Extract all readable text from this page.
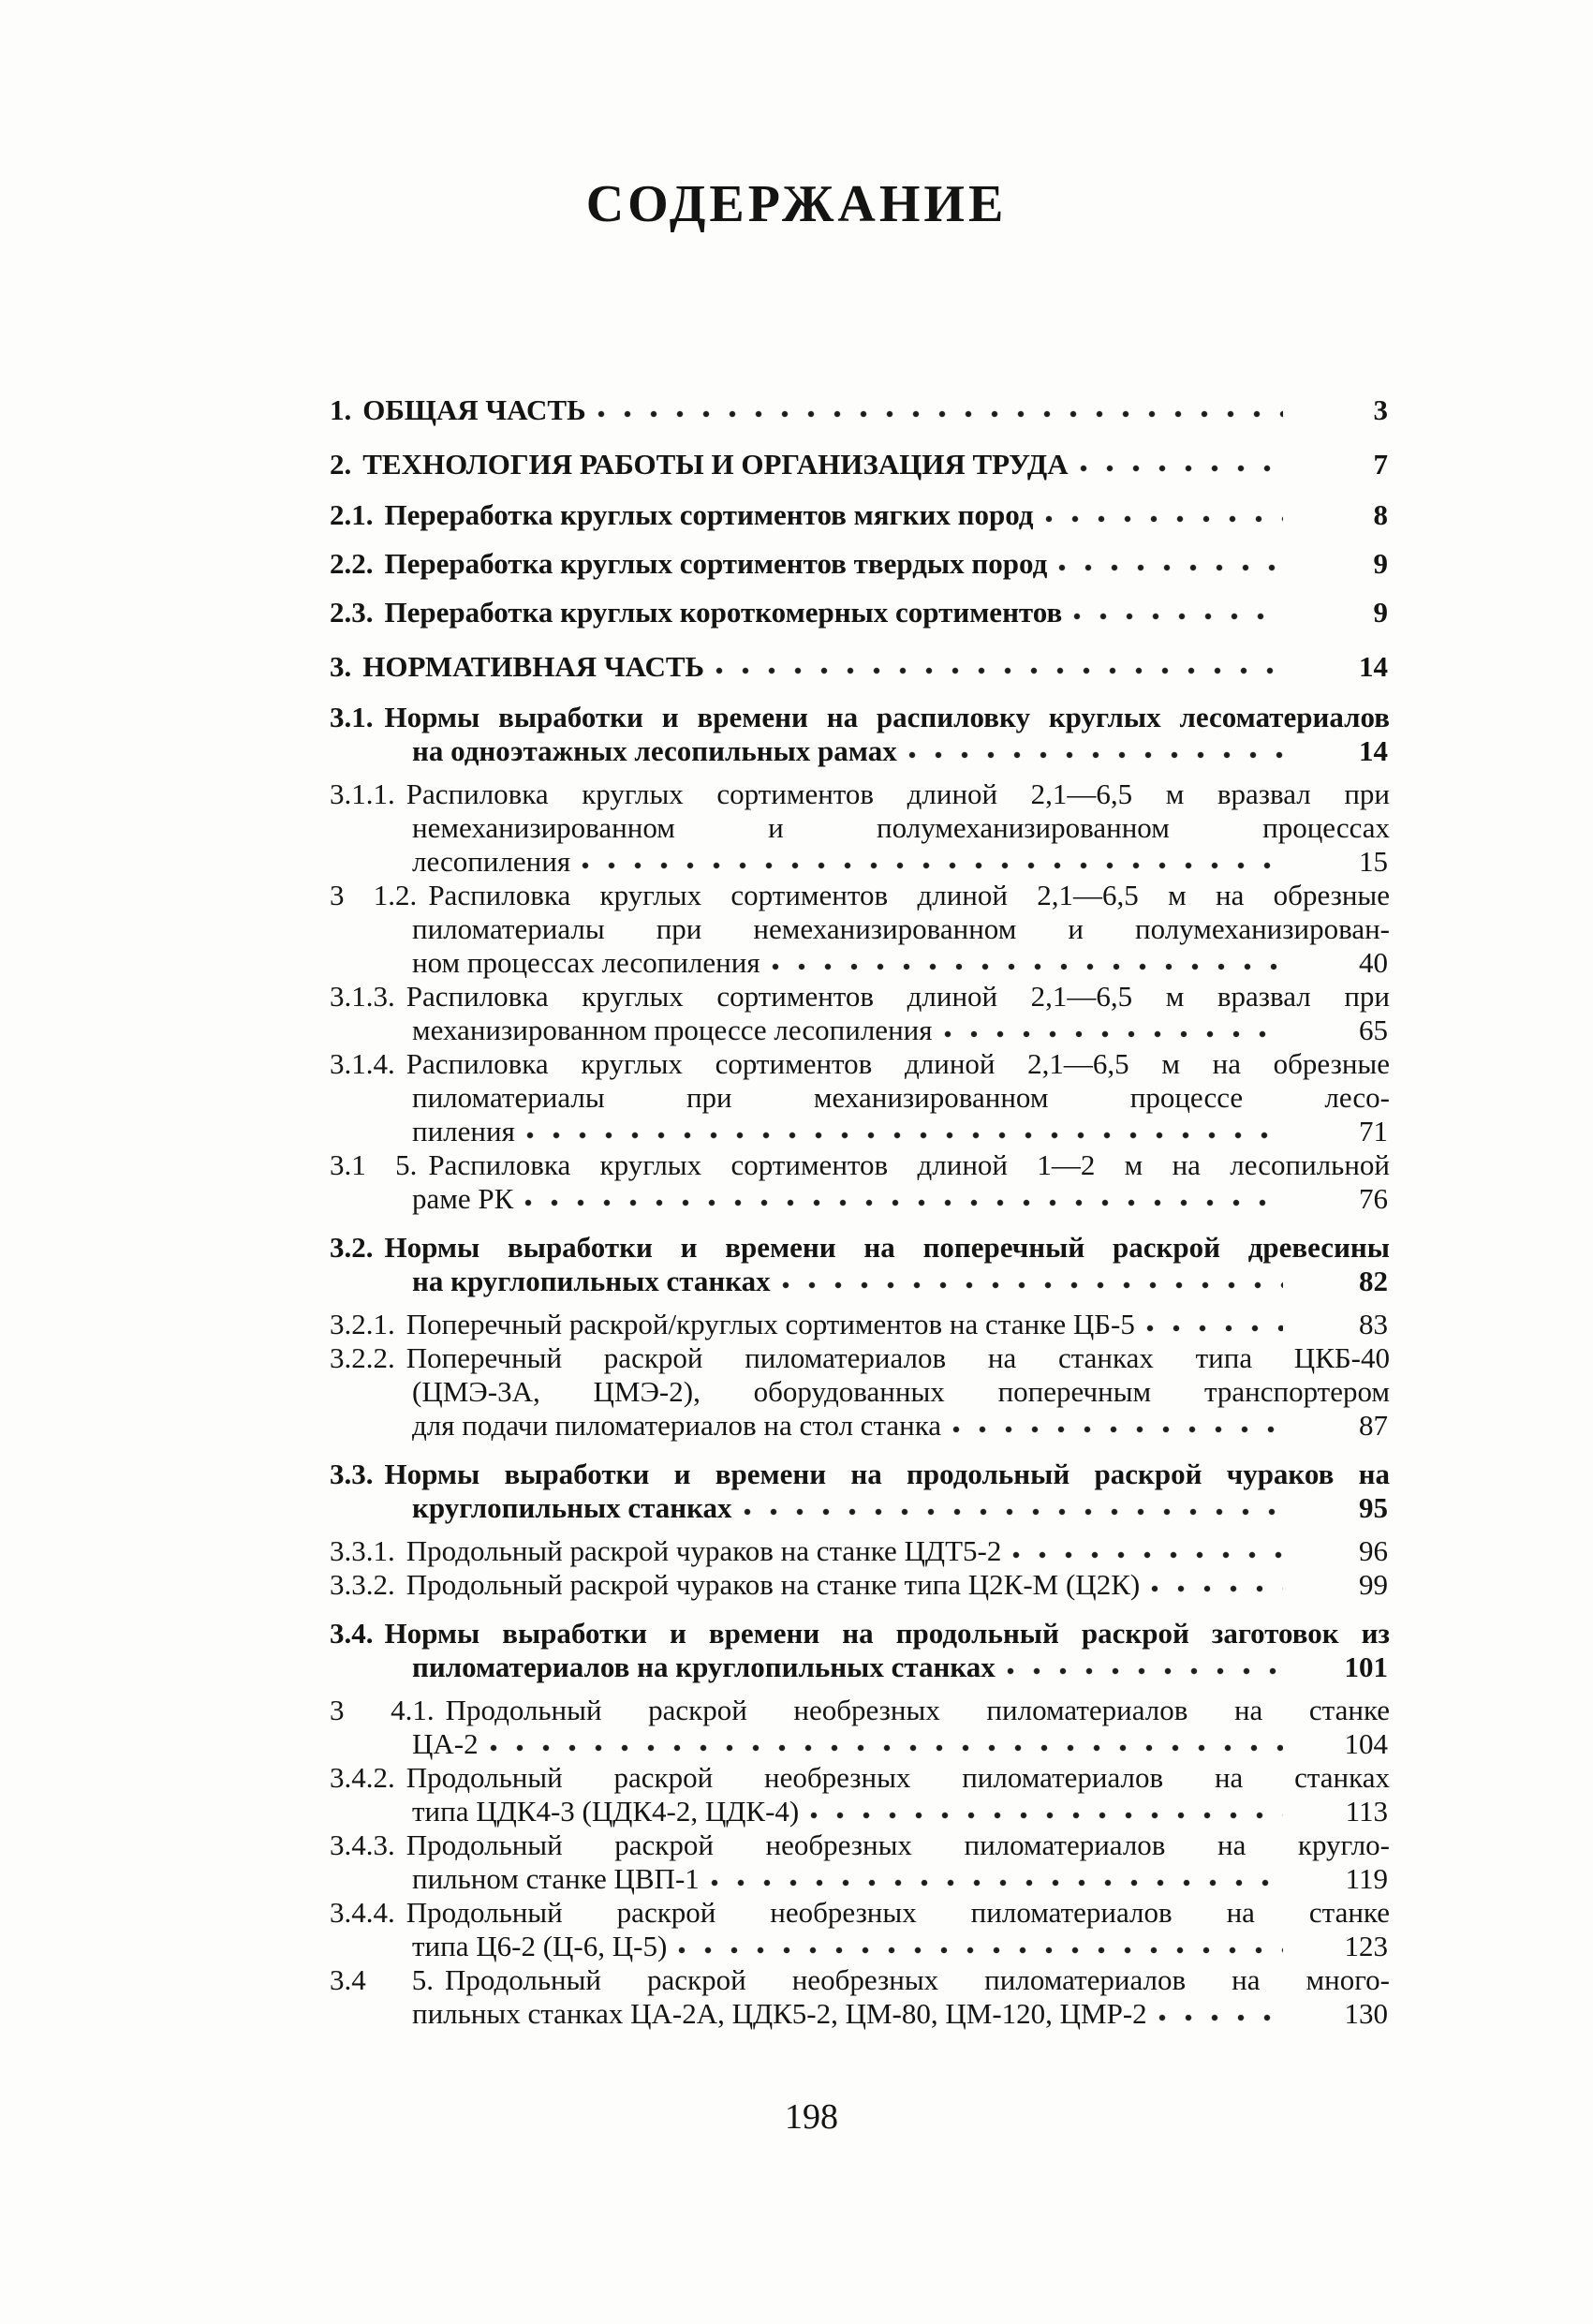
СОДЕРЖАНИЕ
1. ОБЩАЯ ЧАСТЬ	3
2. ТЕХНОЛОГИЯ РАБОТЫ И ОРГАНИЗАЦИЯ ТРУДА	7
2.1. Переработка круглых сортиментов мягких пород	8
2.2. Переработка круглых сортиментов твердых пород	9
2.3. Переработка круглых короткомерных сортиментов	9
3. НОРМАТИВНАЯ ЧАСТЬ	14
3.1. Нормы выработки и времени на распиловку круглых лесоматериалов
на одноэтажных лесопильных рамах	14
3.1.1. Распиловка круглых сортиментов длиной 2,1—6,5 м вразвал при
немеханизированном и полумеханизированном процессах
лесопиления	15
3 1.2. Распиловка круглых сортиментов длиной 2,1—6,5 м на обрезные
пиломатериалы при немеханизированном и полумеханизирован-
ном процессах лесопиления	40
3.1.3. Распиловка круглых сортиментов длиной 2,1—6,5 м вразвал при
механизированном процессе лесопиления	65
3.1.4. Распиловка круглых сортиментов длиной 2,1—6,5 м на обрезные
пиломатериалы при механизированном процессе лесо-
пиления	71
3.1 5. Распиловка круглых сортиментов длиной 1—2 м на лесопильной
раме РК	76
3.2. Нормы выработки и времени на поперечный раскрой древесины
на круглопильных станках	82
3.2.1. Поперечный раскрой/круглых сортиментов на станке ЦБ-5	83
3.2.2. Поперечный раскрой пиломатериалов на станках типа ЦКБ-40
(ЦМЭ-3А, ЦМЭ-2), оборудованных поперечным транспортером
для подачи пиломатериалов на стол станка	87
3.3. Нормы выработки и времени на продольный раскрой чураков на
круглопильных станках	95
3.3.1. Продольный раскрой чураков на станке ЦДТ5-2	96
3.3.2. Продольный раскрой чураков на станке типа Ц2К-М (Ц2К)	99
3.4. Нормы выработки и времени на продольный раскрой заготовок из
пиломатериалов на круглопильных станках	101
3 4.1. Продольный раскрой необрезных пиломатериалов на станке
ЦА-2	104
3.4.2. Продольный раскрой необрезных пиломатериалов на станках
типа ЦДК4-3 (ЦДК4-2, ЦДК-4)	113
3.4.3. Продольный раскрой необрезных пиломатериалов на кругло-
пильном станке ЦВП-1	119
3.4.4. Продольный раскрой необрезных пиломатериалов на станке
типа Ц6-2 (Ц-6, Ц-5)	123
3.4 5. Продольный раскрой необрезных пиломатериалов на много-
пильных станках ЦА-2А, ЦДК5-2, ЦМ-80, ЦМ-120, ЦМР-2	130
198
